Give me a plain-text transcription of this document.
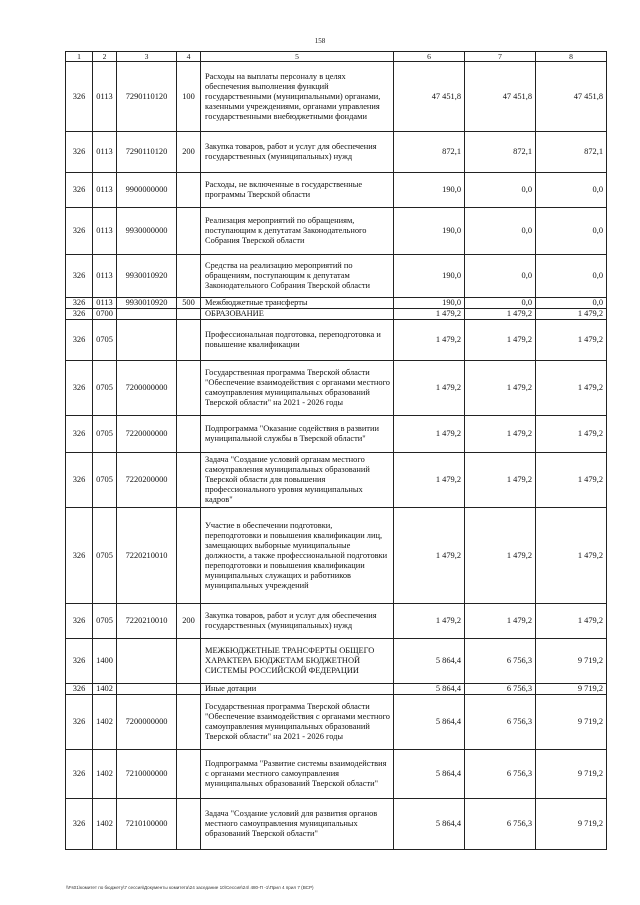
158
1	2	3	4	5	6	7	8
326	0113	7290110120	100	Расходы на выплаты персоналу в целях обеспечения выполнения функций государственными (муниципальными) органами, казенными учреждениями, органами управления государственными внебюджетными фондами	47 451,8	47 451,8	47 451,8
326	0113	7290110120	200	Закупка товаров, работ и услуг для обеспечения государственных (муниципальных) нужд	872,1	872,1	872,1
326	0113	9900000000		Расходы, не включенные в государственные программы Тверской области	190,0	0,0	0,0
326	0113	9930000000		Реализация мероприятий по обращениям, поступающим к депутатам Законодательного Собрания Тверской области	190,0	0,0	0,0
326	0113	9930010920		Средства на реализацию мероприятий по обращениям, поступающим к депутатам Законодательного Собрания Тверской области	190,0	0,0	0,0
326	0113	9930010920	500	Межбюджетные трансферты	190,0	0,0	0,0
326	0700			ОБРАЗОВАНИЕ	1 479,2	1 479,2	1 479,2
326	0705			Профессиональная подготовка, переподготовка и повышение квалификации	1 479,2	1 479,2	1 479,2
326	0705	7200000000		Государственная программа Тверской области "Обеспечение взаимодействия с органами местного самоуправления муниципальных образований Тверской области" на 2021 - 2026 годы	1 479,2	1 479,2	1 479,2
326	0705	7220000000		Подпрограмма "Оказание содействия в развитии муниципальной службы в Тверской области"	1 479,2	1 479,2	1 479,2
326	0705	7220200000		Задача "Создание условий органам местного самоуправления муниципальных образований Тверской области для повышения профессионального уровня муниципальных кадров"	1 479,2	1 479,2	1 479,2
326	0705	7220210010		Участие в обеспечении подготовки, переподготовки и повышения квалификации лиц, замещающих выборные муниципальные должности, а также профессиональной подготовки переподготовки и повышения квалификации муниципальных служащих и работников муниципальных учреждений	1 479,2	1 479,2	1 479,2
326	0705	7220210010	200	Закупка товаров, работ и услуг для обеспечения государственных (муниципальных) нужд	1 479,2	1 479,2	1 479,2
326	1400			МЕЖБЮДЖЕТНЫЕ ТРАНСФЕРТЫ ОБЩЕГО ХАРАКТЕРА БЮДЖЕТАМ БЮДЖЕТНОЙ СИСТЕМЫ РОССИЙСКОЙ ФЕДЕРАЦИИ	5 864,4	6 756,3	9 719,2
326	1402			Иные дотации	5 864,4	6 756,3	9 719,2
326	1402	7200000000		Государственная программа Тверской области "Обеспечение взаимодействия с органами местного самоуправления муниципальных образований Тверской области" на 2021 - 2026 годы	5 864,4	6 756,3	9 719,2
326	1402	7210000000		Подпрограмма "Развитие системы взаимодействия с органами местного самоуправления муниципальных образований Тверской области"	5 864,4	6 756,3	9 719,2
326	1402	7210100000		Задача "Создание условий для развития органов местного самоуправления муниципальных образований Тверской области"	5 864,4	6 756,3	9 719,2
\\Fs01\комитет по бюджету\7 сессия\Документы комитета\24 заседание 10\Сессия\24\ 480-П -1\Прил 4 прил 7 (ВСР)
